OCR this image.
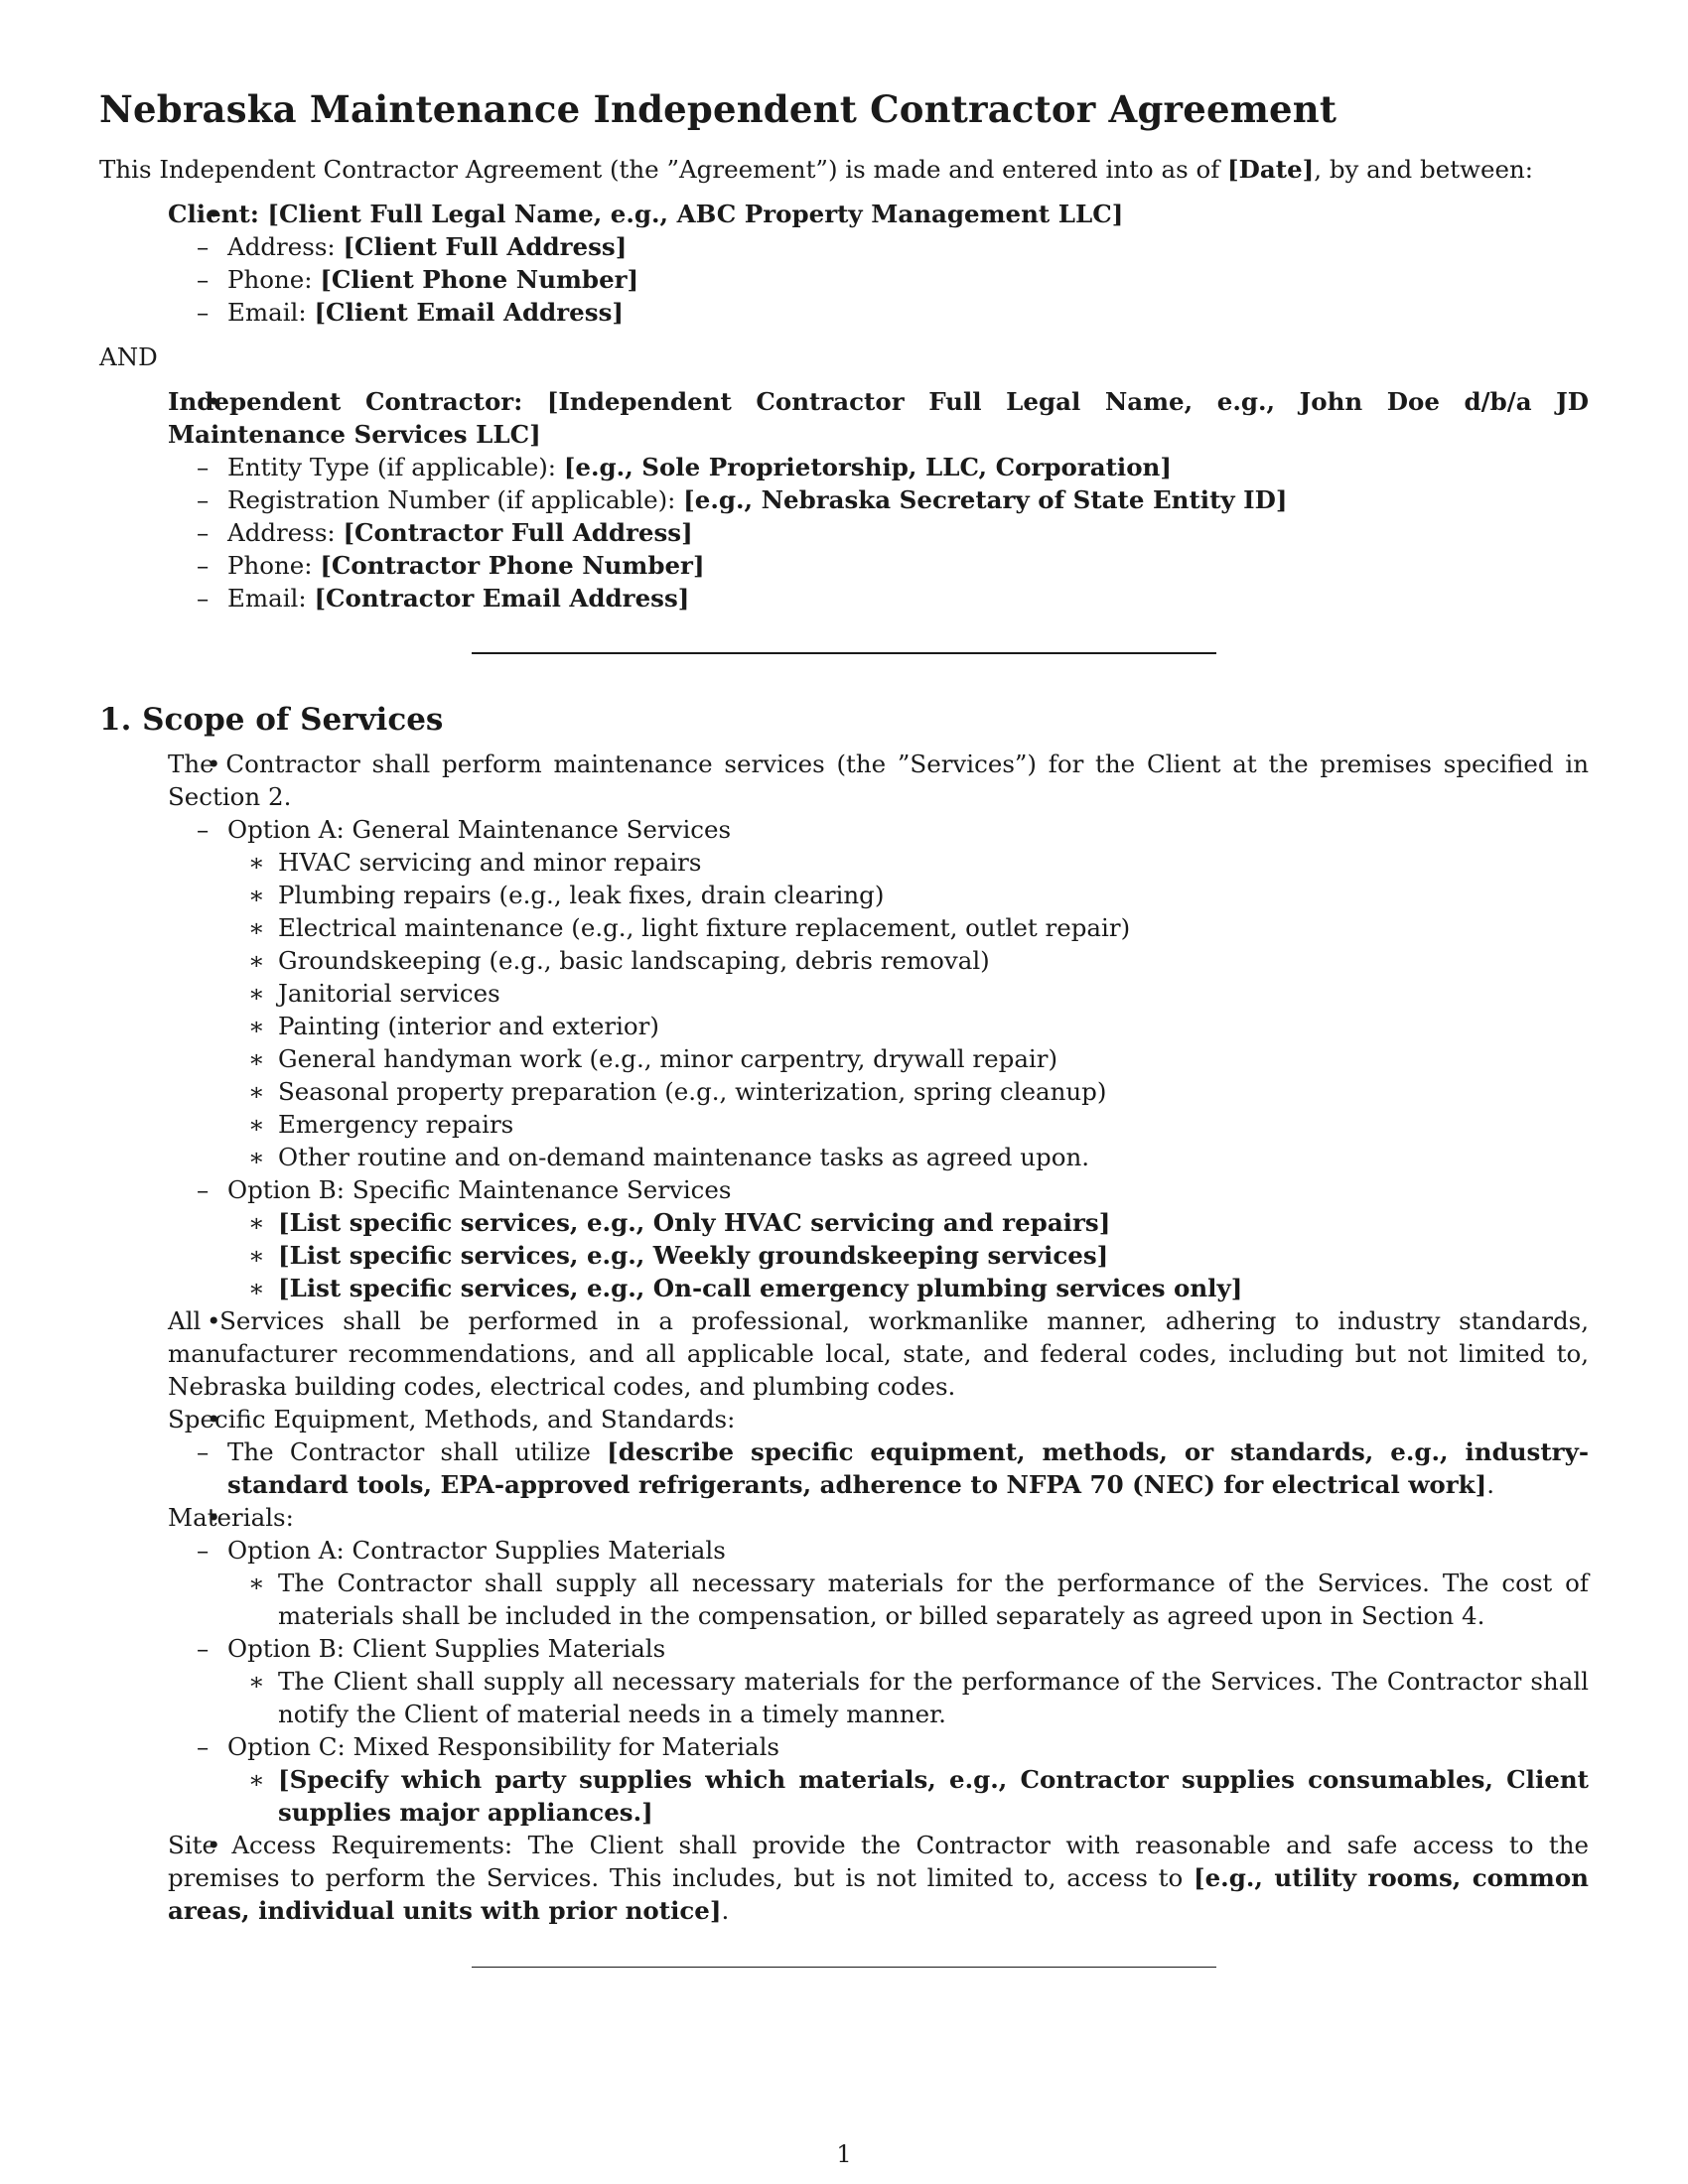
Nebraska Maintenance Independent Contractor Agreement

This Independent Contractor Agreement (the ”Agreement”) is made and entered into as of [Date], by and between:

• Client: [Client Full Legal Name, e.g., ABC Property Management LLC]
– Address: [Client Full Address]
– Phone: [Client Phone Number]
– Email: [Client Email Address]

AND

• Independent Contractor: [Independent Contractor Full Legal Name, e.g., John Doe d/b/a JD Maintenance Services LLC]
– Entity Type (if applicable): [e.g., Sole Proprietorship, LLC, Corporation]
– Registration Number (if applicable): [e.g., Nebraska Secretary of State Entity ID]
– Address: [Contractor Full Address]
– Phone: [Contractor Phone Number]
– Email: [Contractor Email Address]
1. Scope of Services
• The Contractor shall perform maintenance services (the ”Services”) for the Client at the premises specified in Section 2.
– Option A: General Maintenance Services
∗ HVAC servicing and minor repairs
∗ Plumbing repairs (e.g., leak fixes, drain clearing)
∗ Electrical maintenance (e.g., light fixture replacement, outlet repair)
∗ Groundskeeping (e.g., basic landscaping, debris removal)
∗ Janitorial services
∗ Painting (interior and exterior)
∗ General handyman work (e.g., minor carpentry, drywall repair)
∗ Seasonal property preparation (e.g., winterization, spring cleanup)
∗ Emergency repairs
∗ Other routine and on-demand maintenance tasks as agreed upon.
– Option B: Specific Maintenance Services
∗ [List specific services, e.g., Only HVAC servicing and repairs]
∗ [List specific services, e.g., Weekly groundskeeping services]
∗ [List specific services, e.g., On-call emergency plumbing services only]
• All Services shall be performed in a professional, workmanlike manner, adhering to industry standards, manufacturer recommendations, and all applicable local, state, and federal codes, including but not limited to, Nebraska building codes, electrical codes, and plumbing codes.
• Specific Equipment, Methods, and Standards:
– The Contractor shall utilize [describe specific equipment, methods, or standards, e.g., industry-standard tools, EPA-approved refrigerants, adherence to NFPA 70 (NEC) for electrical work].
• Materials:
– Option A: Contractor Supplies Materials
∗ The Contractor shall supply all necessary materials for the performance of the Services. The cost of materials shall be included in the compensation, or billed separately as agreed upon in Section 4.
– Option B: Client Supplies Materials
∗ The Client shall supply all necessary materials for the performance of the Services. The Contractor shall notify the Client of material needs in a timely manner.
– Option C: Mixed Responsibility for Materials
∗ [Specify which party supplies which materials, e.g., Contractor supplies consumables, Client supplies major appliances.]
• Site Access Requirements: The Client shall provide the Contractor with reasonable and safe access to the premises to perform the Services. This includes, but is not limited to, access to [e.g., utility rooms, common areas, individual units with prior notice].
1
